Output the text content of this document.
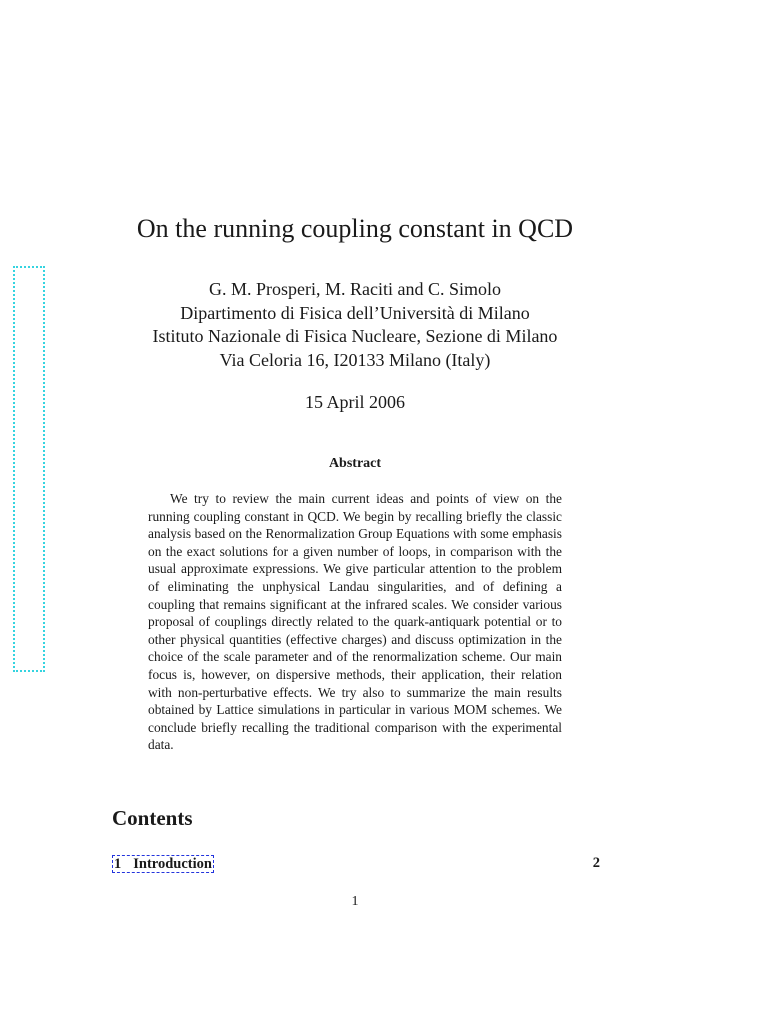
On the running coupling constant in QCD
G. M. Prosperi, M. Raciti and C. Simolo
Dipartimento di Fisica dell’Università di Milano
Istituto Nazionale di Fisica Nucleare, Sezione di Milano
Via Celoria 16, I20133 Milano (Italy)
15 April 2006
Abstract
We try to review the main current ideas and points of view on the running coupling constant in QCD. We begin by recalling briefly the classic analysis based on the Renormalization Group Equations with some emphasis on the exact solutions for a given number of loops, in comparison with the usual approximate expressions. We give particular attention to the problem of eliminating the unphysical Landau singularities, and of defining a coupling that remains significant at the infrared scales. We consider various proposal of couplings directly related to the quark-antiquark potential or to other physical quantities (effective charges) and discuss optimization in the choice of the scale parameter and of the renormalization scheme. Our main focus is, however, on dispersive methods, their application, their relation with non-perturbative effects. We try also to summarize the main results obtained by Lattice simulations in particular in various MOM schemes. We conclude briefly recalling the traditional comparison with the experimental data.
Contents
1 Introduction	2
1
